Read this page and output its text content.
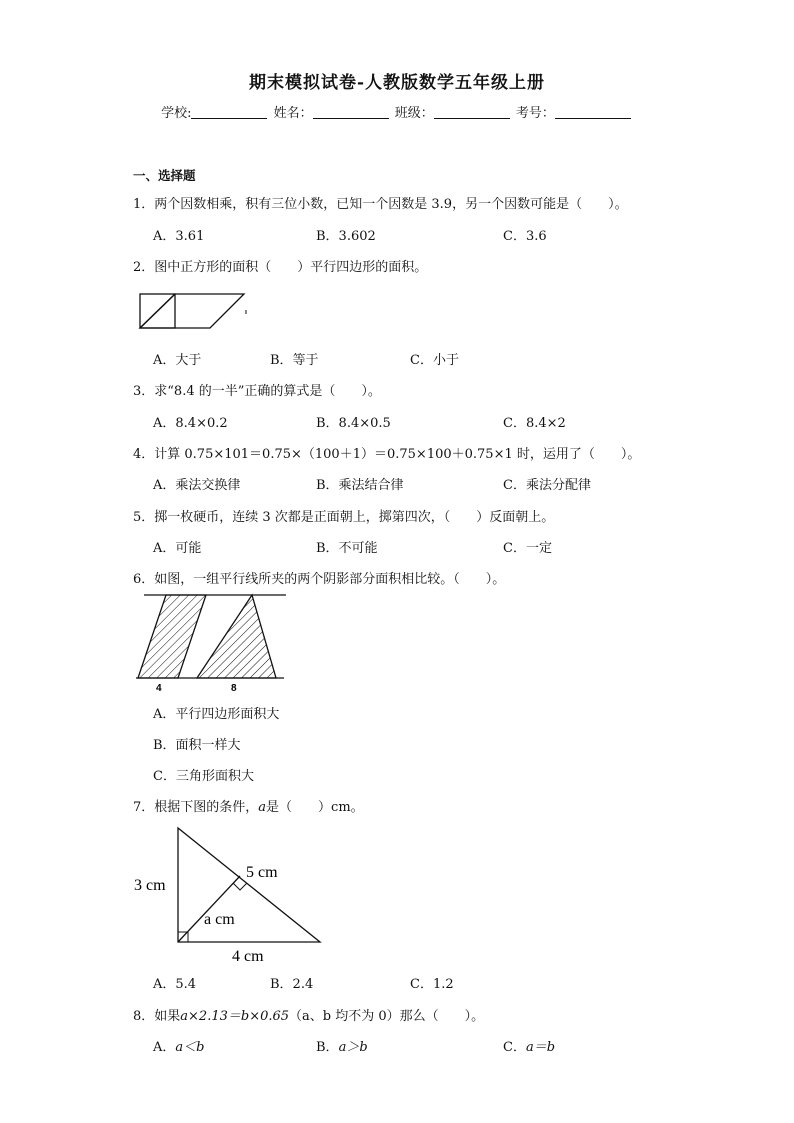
期末模拟试卷-人教版数学五年级上册
学校:	姓名：	班级：	考号：
一、选择题
1．两个因数相乘，积有三位小数，已知一个因数是 3.9，另一个因数可能是（　　）。
A．3.61	B．3.602	C．3.6
2．图中正方形的面积（　　）平行四边形的面积。
A．大于	B．等于	C．小于
3．求“8.4 的一半”正确的算式是（　　）。
A．8.4×0.2	B．8.4×0.5	C．8.4×2
4．计算 0.75×101＝0.75×（100＋1）＝0.75×100＋0.75×1 时，运用了（　　）。
A．乘法交换律	B．乘法结合律	C．乘法分配律
5．掷一枚硬币，连续 3 次都是正面朝上，掷第四次，（　　）反面朝上。
A．可能	B．不可能	C．一定
6．如图，一组平行线所夹的两个阴影部分面积相比较。（　　）。
4	8
A．平行四边形面积大
B．面积一样大
C．三角形面积大
7．根据下图的条件，a是（　　）cm。
3 cm
5 cm
a cm
4 cm
A．5.4	B．2.4	C．1.2
8．如果a×2.13＝b×0.65（a、b 均不为 0）那么（　　）。
A．a＜b	B．a＞b	C．a＝b
